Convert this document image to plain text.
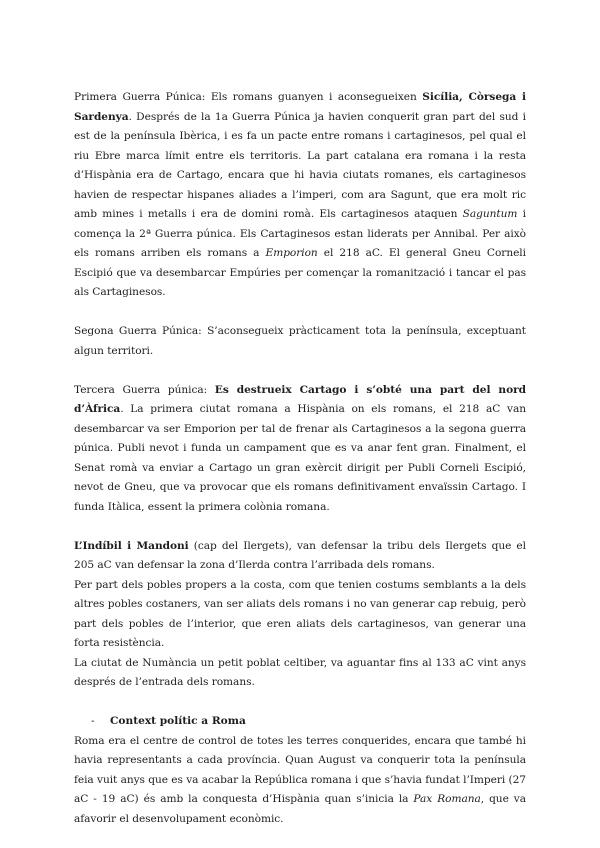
Primera Guerra Púnica: Els romans guanyen i aconsegueixen Sicília, Còrsega i Sardenya. Després de la 1a Guerra Púnica ja havien conquerit gran part del sud i est de la península Ibèrica, i es fa un pacte entre romans i cartaginesos, pel qual el riu Ebre marca límit entre els territoris. La part catalana era romana i la resta d’Hispània era de Cartago, encara que hi havia ciutats romanes, els cartaginesos havien de respectar hispanes aliades a l’imperi, com ara Sagunt, que era molt ric amb mines i metalls i era de domini romà. Els cartaginesos ataquen Saguntum i comença la 2ª Guerra púnica. Els Cartaginesos estan liderats per Annibal. Per això els romans arriben els romans a Emporion el 218 aC. El general Gneu Corneli Escipió que va desembarcar Empúries per començar la romanització i tancar el pas als Cartaginesos.

Segona Guerra Púnica: S’aconsegueix pràcticament tota la península, exceptuant algun territori.

Tercera Guerra púnica: Es destrueix Cartago i s’obté una part del nord d’Àfrica. La primera ciutat romana a Hispània on els romans, el 218 aC van desembarcar va ser Emporion per tal de frenar als Cartaginesos a la segona guerra púnica. Publi nevot i funda un campament que es va anar fent gran. Finalment, el Senat romà va enviar a Cartago un gran exèrcit dirigit per Publi Corneli Escipió, nevot de Gneu, que va provocar que els romans definitivament envaïssin Cartago. I funda Itàlica, essent la primera colònia romana.

L’Indíbil i Mandoni (cap del Ilergets), van defensar la tribu dels Ilergets que el 205 aC van defensar la zona d’Ilerda contra l’arribada dels romans.

Per part dels pobles propers a la costa, com que tenien costums semblants a la dels altres pobles costaners, van ser aliats dels romans i no van generar cap rebuig, però part dels pobles de l’interior, que eren aliats dels cartaginesos, van generar una forta resistència.

La ciutat de Numància un petit poblat celtiber, va aguantar fins al 133 aC vint anys després de l’entrada dels romans.

- Context polític a Roma

Roma era el centre de control de totes les terres conquerides, encara que també hi havia representants a cada província. Quan August va conquerir tota la península feia vuit anys que es va acabar la República romana i que s’havia fundat l’Imperi (27 aC - 19 aC) és amb la conquesta d’Hispània quan s’inicia la Pax Romana, que va afavorir el desenvolupament econòmic.
